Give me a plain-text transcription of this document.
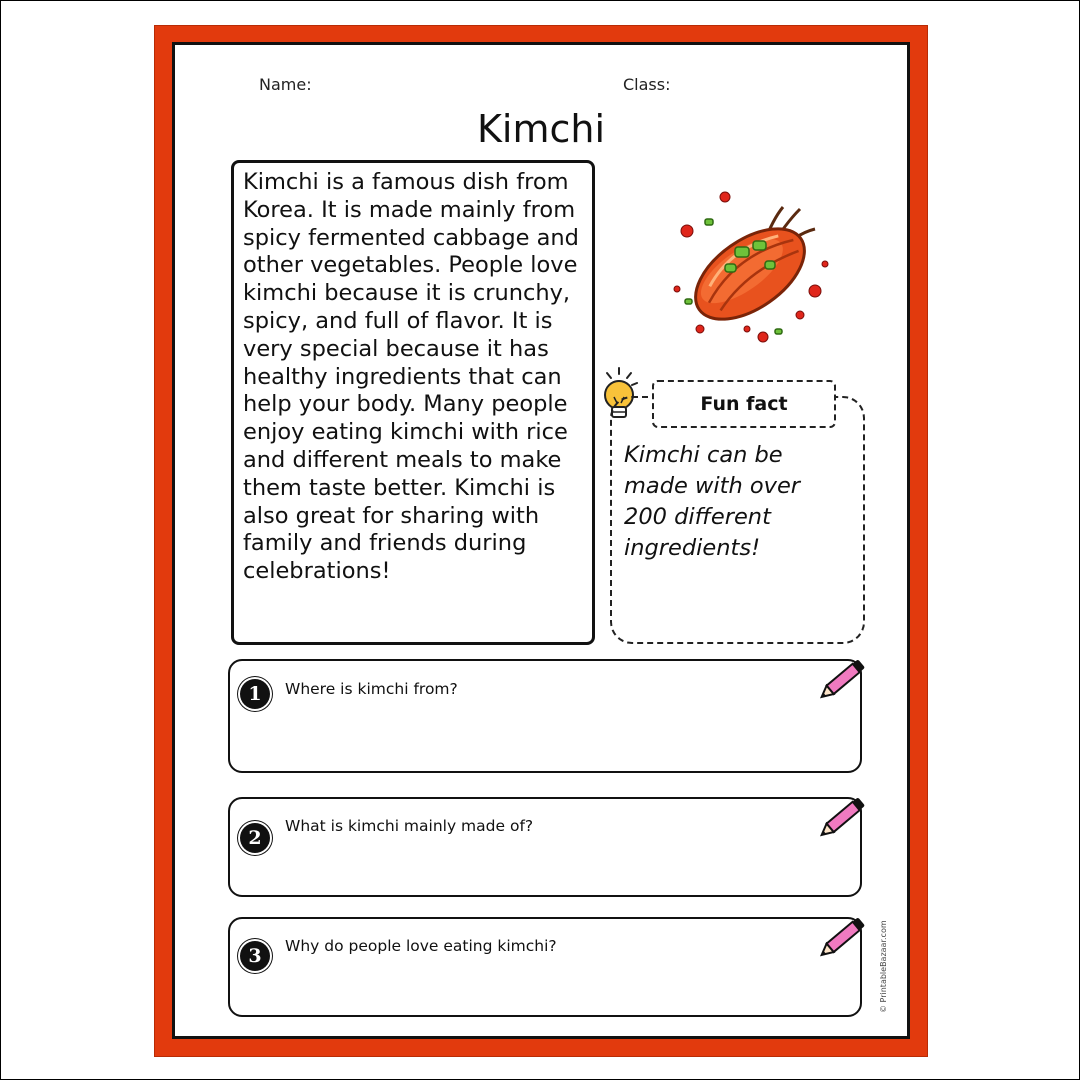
Name:	Class:
Kimchi

Kimchi is a famous dish from Korea. It is made mainly from spicy fermented cabbage and other vegetables. People love kimchi because it is crunchy, spicy, and full of flavor. It is very special because it has healthy ingredients that can help your body. Many people enjoy eating kimchi with rice and different meals to make them taste better. Kimchi is also great for sharing with family and friends during celebrations!

Fun fact

Kimchi can be made with over 200 different ingredients!

1	Where is kimchi from?
2
What is kimchi mainly made of?
3	Why do people love eating kimchi?	© PrintableBazaar.com
